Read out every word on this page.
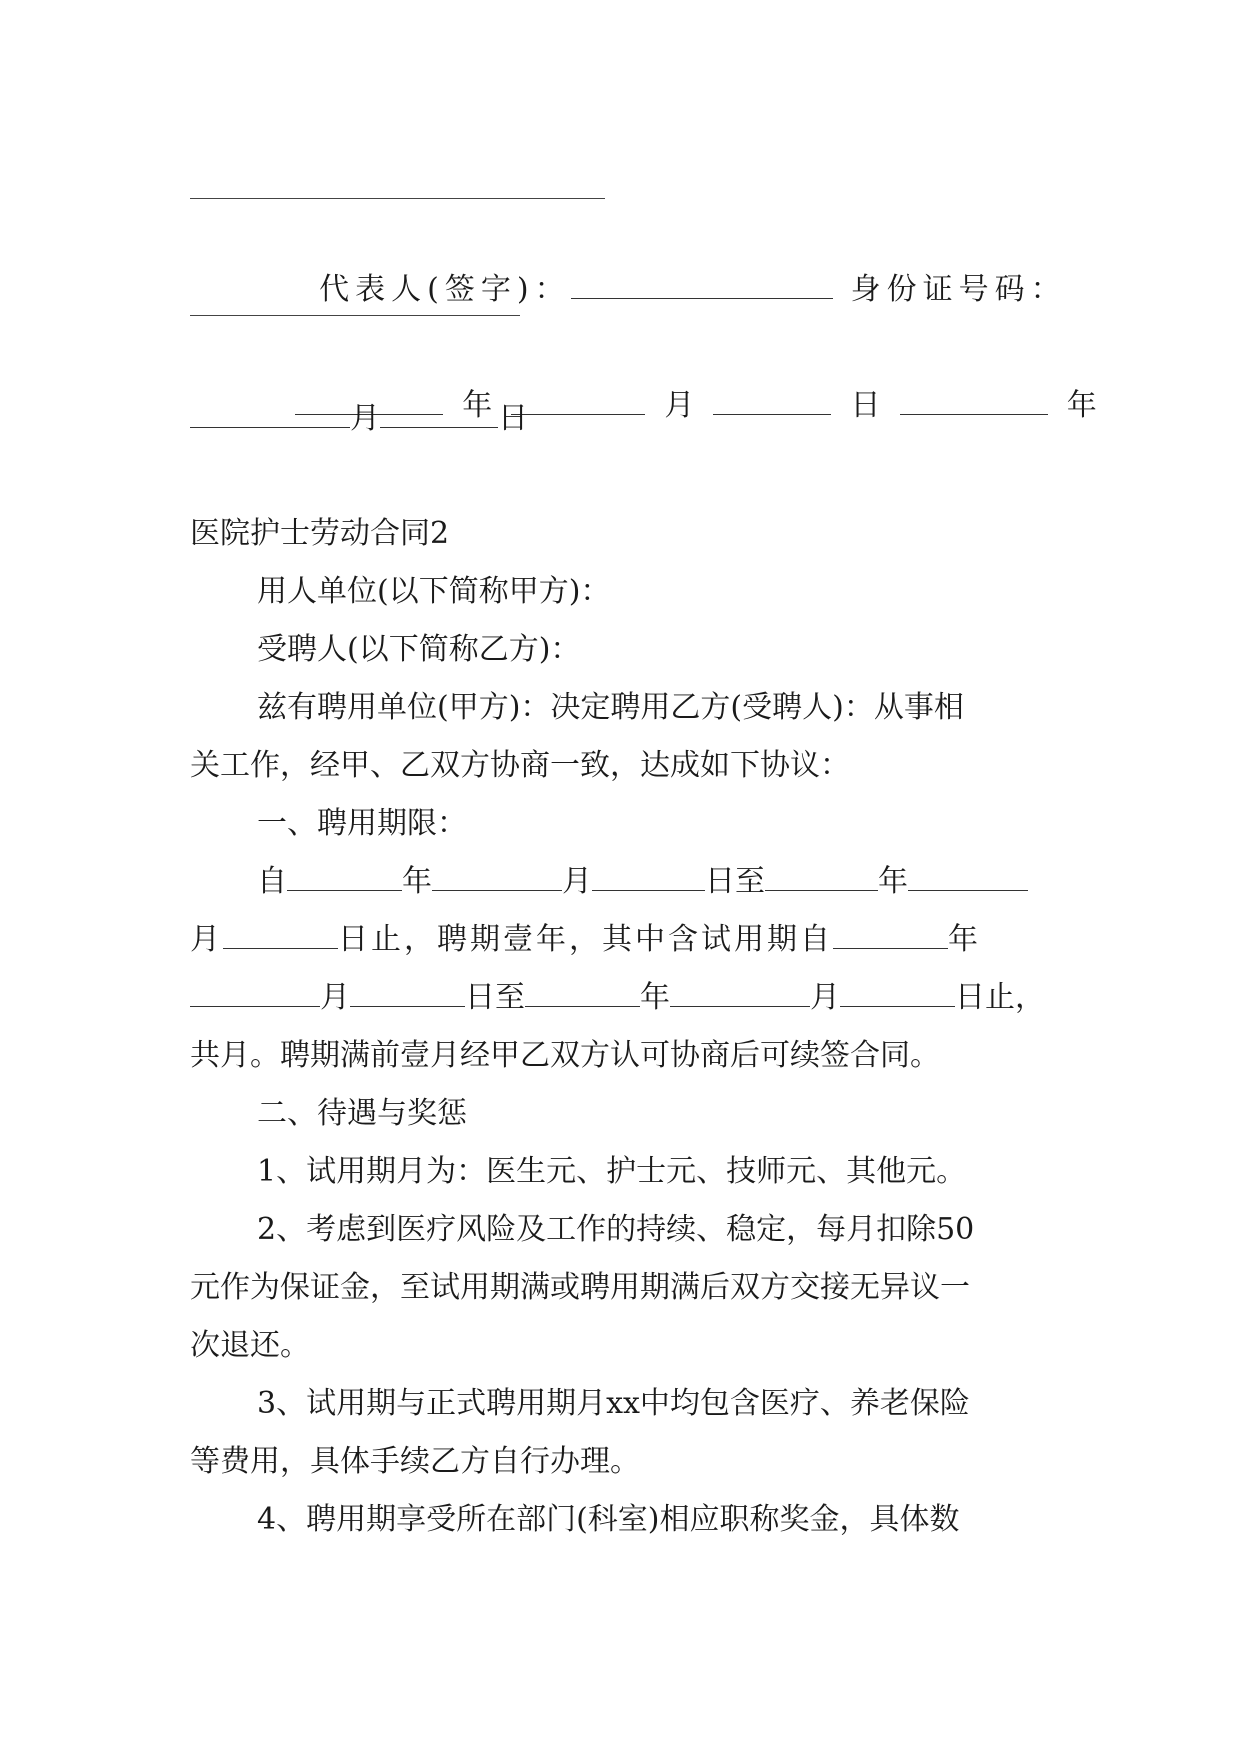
代表人(签字)：	身份证号码：

年	月	日	年

月	日
医院护士劳动合同2
用人单位(以下简称甲方)：
受聘人(以下简称乙方)：
兹有聘用单位(甲方)：决定聘用乙方(受聘人)：从事相
关工作，经甲、乙双方协商一致，达成如下协议：
一、聘用期限：
自	年	月	日至	年
月	日止，聘期壹年，其中含试用期自	年
月	日至	年	月	日止，
共月。聘期满前壹月经甲乙双方认可协商后可续签合同。
二、待遇与奖惩
1、试用期月为：医生元、护士元、技师元、其他元。
2、考虑到医疗风险及工作的持续、稳定，每月扣除50
元作为保证金，至试用期满或聘用期满后双方交接无异议一
次退还。
3、试用期与正式聘用期月xx中均包含医疗、养老保险
等费用，具体手续乙方自行办理。
4、聘用期享受所在部门(科室)相应职称奖金，具体数
